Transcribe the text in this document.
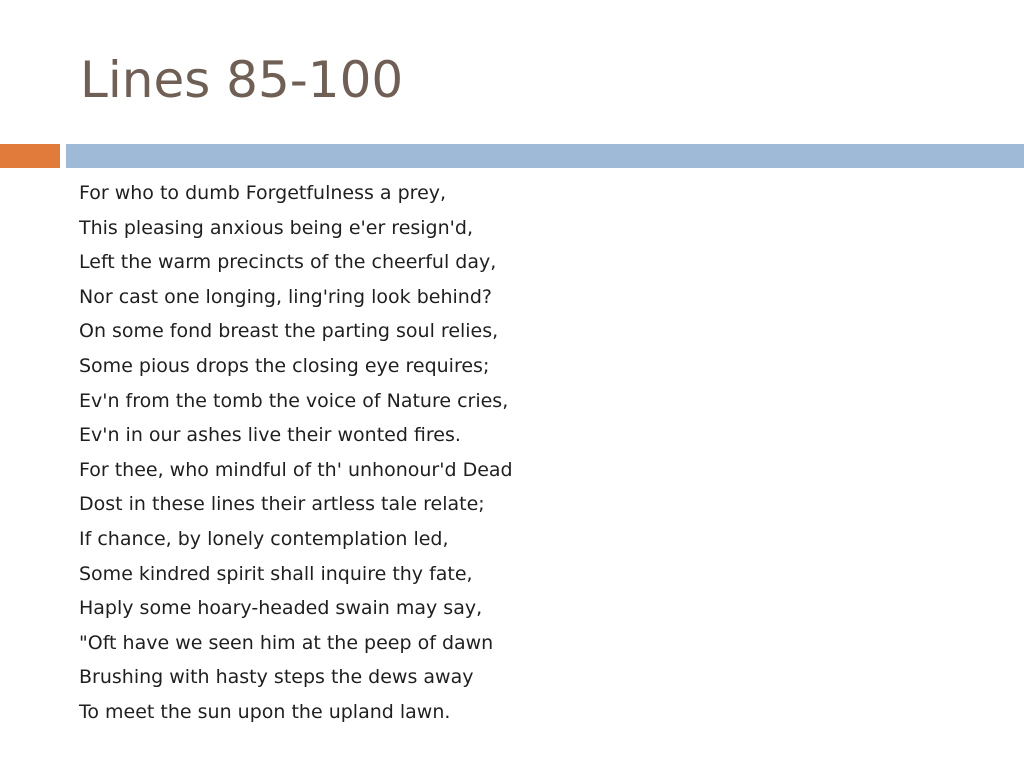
Lines 85-100
For who to dumb Forgetfulness a prey,
This pleasing anxious being e'er resign'd,
Left the warm precincts of the cheerful day,
Nor cast one longing, ling'ring look behind?
On some fond breast the parting soul relies,
Some pious drops the closing eye requires;
Ev'n from the tomb the voice of Nature cries,
Ev'n in our ashes live their wonted fires.
For thee, who mindful of th' unhonour'd Dead
Dost in these lines their artless tale relate;
If chance, by lonely contemplation led,
Some kindred spirit shall inquire thy fate,
Haply some hoary-headed swain may say,
"Oft have we seen him at the peep of dawn
Brushing with hasty steps the dews away
To meet the sun upon the upland lawn.
